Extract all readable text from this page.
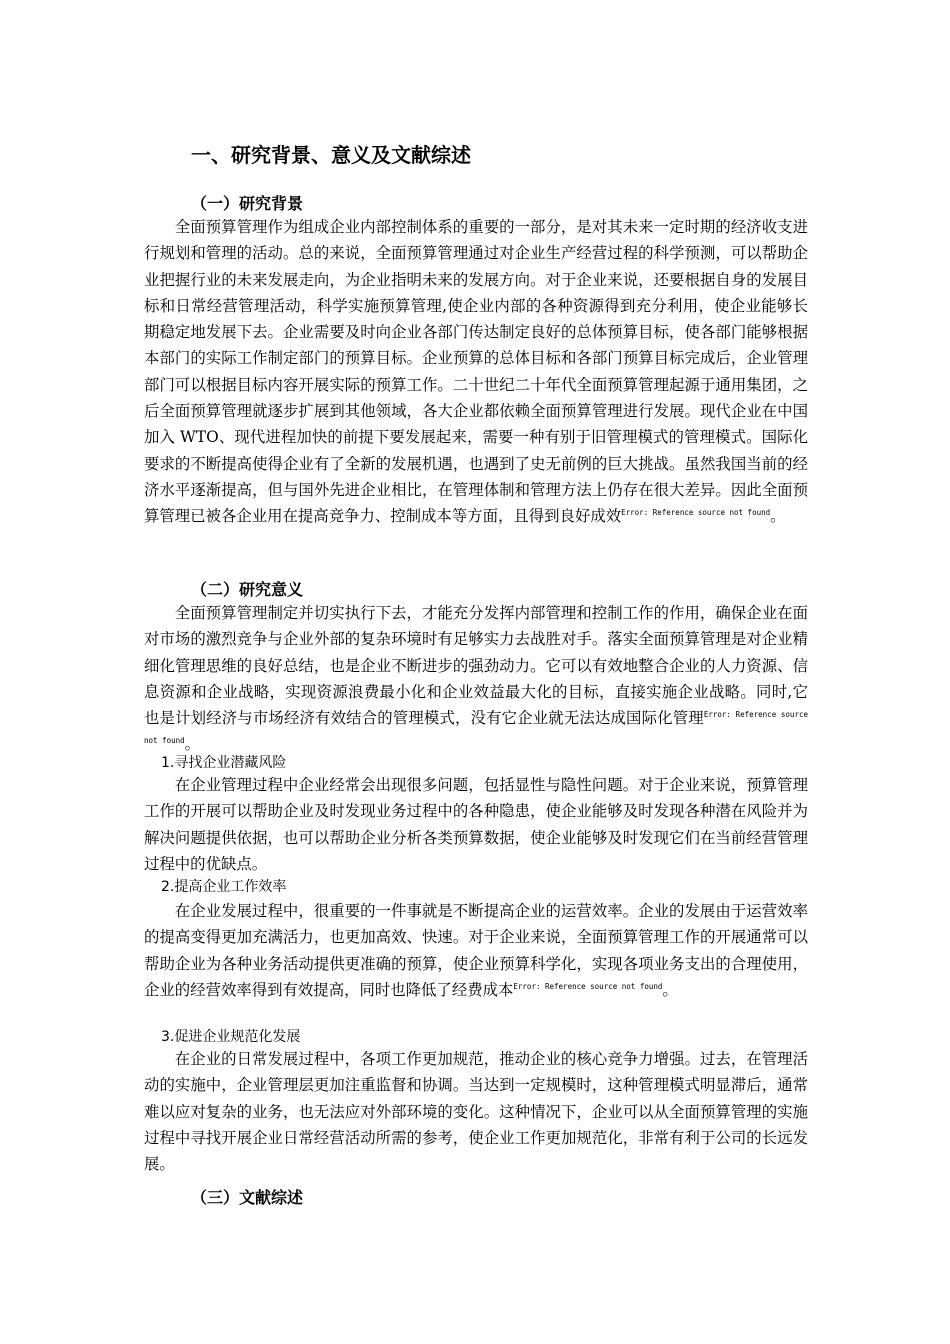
一、研究背景、意义及文献综述
（一）研究背景

全面预算管理作为组成企业内部控制体系的重要的一部分，是对其未来一定时期的经济收支进行规划和管理的活动。总的来说，全面预算管理通过对企业生产经营过程的科学预测，可以帮助企业把握行业的未来发展走向，为企业指明未来的发展方向。对于企业来说，还要根据自身的发展目标和日常经营管理活动，科学实施预算管理,使企业内部的各种资源得到充分利用，使企业能够长期稳定地发展下去。企业需要及时向企业各部门传达制定良好的总体预算目标，使各部门能够根据本部门的实际工作制定部门的预算目标。企业预算的总体目标和各部门预算目标完成后，企业管理部门可以根据目标内容开展实际的预算工作。二十世纪二十年代全面预算管理起源于通用集团，之后全面预算管理就逐步扩展到其他领域，各大企业都依赖全面预算管理进行发展。现代企业在中国加入 WTO、现代进程加快的前提下要发展起来，需要一种有别于旧管理模式的管理模式。国际化要求的不断提高使得企业有了全新的发展机遇，也遇到了史无前例的巨大挑战。虽然我国当前的经济水平逐渐提高，但与国外先进企业相比，在管理体制和管理方法上仍存在很大差异。因此全面预算管理已被各企业用在提高竞争力、控制成本等方面，且得到良好成效$^{Error: Reference source not found}$。

（二）研究意义

全面预算管理制定并切实执行下去，才能充分发挥内部管理和控制工作的作用，确保企业在面对市场的激烈竞争与企业外部的复杂环境时有足够实力去战胜对手。落实全面预算管理是对企业精细化管理思维的良好总结，也是企业不断进步的强劲动力。它可以有效地整合企业的人力资源、信息资源和企业战略，实现资源浪费最小化和企业效益最大化的目标，直接实施企业战略。同时,它也是计划经济与市场经济有效结合的管理模式，没有它企业就无法达成国际化管理$^{Error: Reference source not found}$。

1.寻找企业潜藏风险

在企业管理过程中企业经常会出现很多问题，包括显性与隐性问题。对于企业来说，预算管理工作的开展可以帮助企业及时发现业务过程中的各种隐患，使企业能够及时发现各种潜在风险并为解决问题提供依据，也可以帮助企业分析各类预算数据，使企业能够及时发现它们在当前经营管理过程中的优缺点。

2.提高企业工作效率

在企业发展过程中，很重要的一件事就是不断提高企业的运营效率。企业的发展由于运营效率的提高变得更加充满活力，也更加高效、快速。对于企业来说，全面预算管理工作的开展通常可以帮助企业为各种业务活动提供更准确的预算，使企业预算科学化，实现各项业务支出的合理使用，企业的经营效率得到有效提高，同时也降低了经费成本$^{Error: Reference source not found}$。

3.促进企业规范化发展

在企业的日常发展过程中，各项工作更加规范，推动企业的核心竞争力增强。过去，在管理活动的实施中，企业管理层更加注重监督和协调。当达到一定规模时，这种管理模式明显滞后，通常难以应对复杂的业务，也无法应对外部环境的变化。这种情况下，企业可以从全面预算管理的实施过程中寻找开展企业日常经营活动所需的参考，使企业工作更加规范化，非常有利于公司的长远发展。

（三）文献综述
